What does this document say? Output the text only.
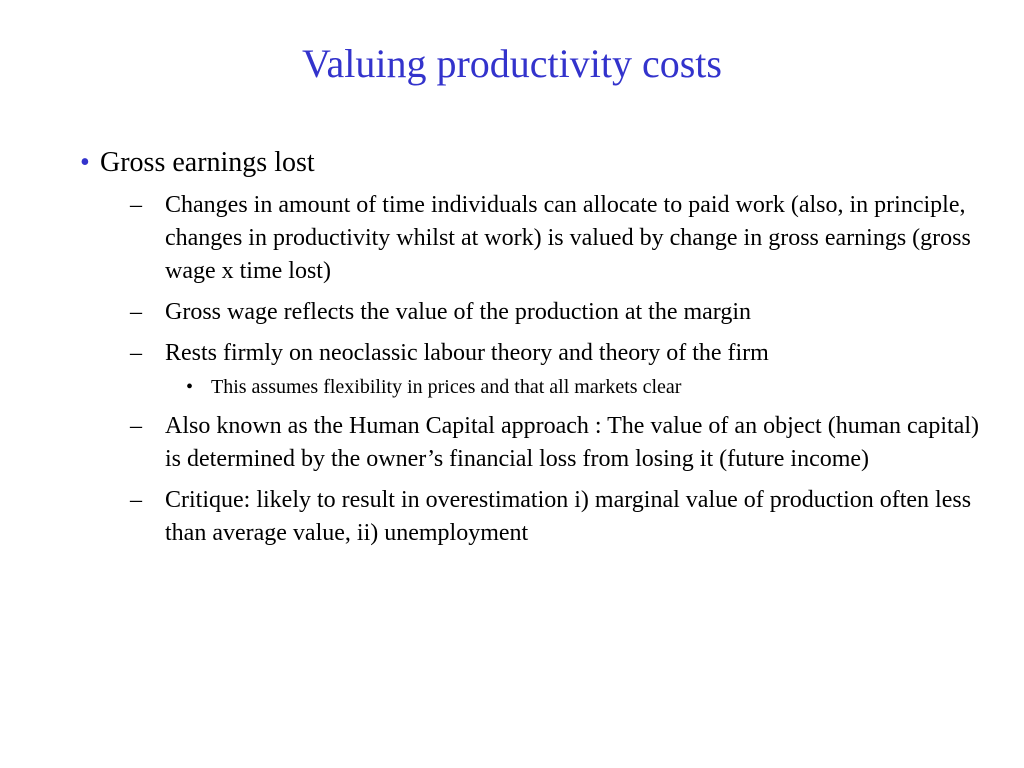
Valuing productivity costs
• Gross earnings lost
– Changes in amount of time individuals can allocate to paid work (also, in principle, changes in productivity whilst at work) is valued by change in gross earnings (gross wage x time lost)
– Gross wage reflects the value of the production at the margin
– Rests firmly on neoclassic labour theory and theory of the firm
• This assumes flexibility in prices and that all markets clear
– Also known as the Human Capital approach : The value of an object (human capital) is determined by the owner’s financial loss from losing it (future income)
– Critique: likely to result in overestimation i) marginal value of production often less than average value, ii) unemployment
